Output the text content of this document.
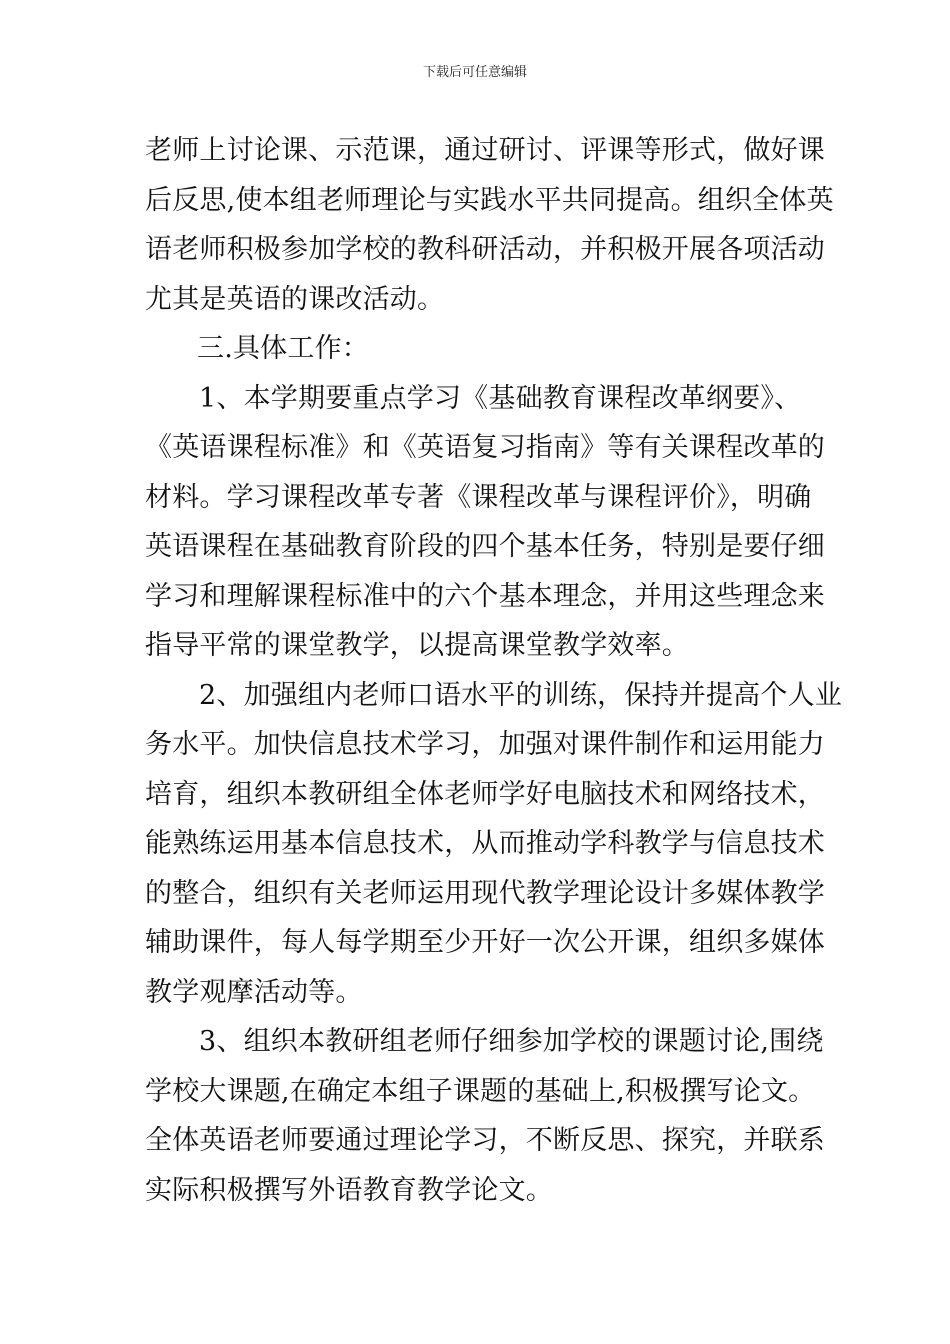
下载后可任意编辑
老师上讨论课、示范课，通过研讨、评课等形式，做好课
后反思,使本组老师理论与实践水平共同提高。组织全体英
语老师积极参加学校的教科研活动，并积极开展各项活动
尤其是英语的课改活动。
三.具体工作：
1、本学期要重点学习《基础教育课程改革纲要》、
《英语课程标准》和《英语复习指南》等有关课程改革的
材料。学习课程改革专著《课程改革与课程评价》，明确
英语课程在基础教育阶段的四个基本任务，特别是要仔细
学习和理解课程标准中的六个基本理念，并用这些理念来
指导平常的课堂教学，以提高课堂教学效率。
2、加强组内老师口语水平的训练，保持并提高个人业
务水平。加快信息技术学习，加强对课件制作和运用能力
培育，组织本教研组全体老师学好电脑技术和网络技术，
能熟练运用基本信息技术，从而推动学科教学与信息技术
的整合，组织有关老师运用现代教学理论设计多媒体教学
辅助课件，每人每学期至少开好一次公开课，组织多媒体
教学观摩活动等。
3、组织本教研组老师仔细参加学校的课题讨论,围绕
学校大课题,在确定本组子课题的基础上,积极撰写论文。
全体英语老师要通过理论学习，不断反思、探究，并联系
实际积极撰写外语教育教学论文。
